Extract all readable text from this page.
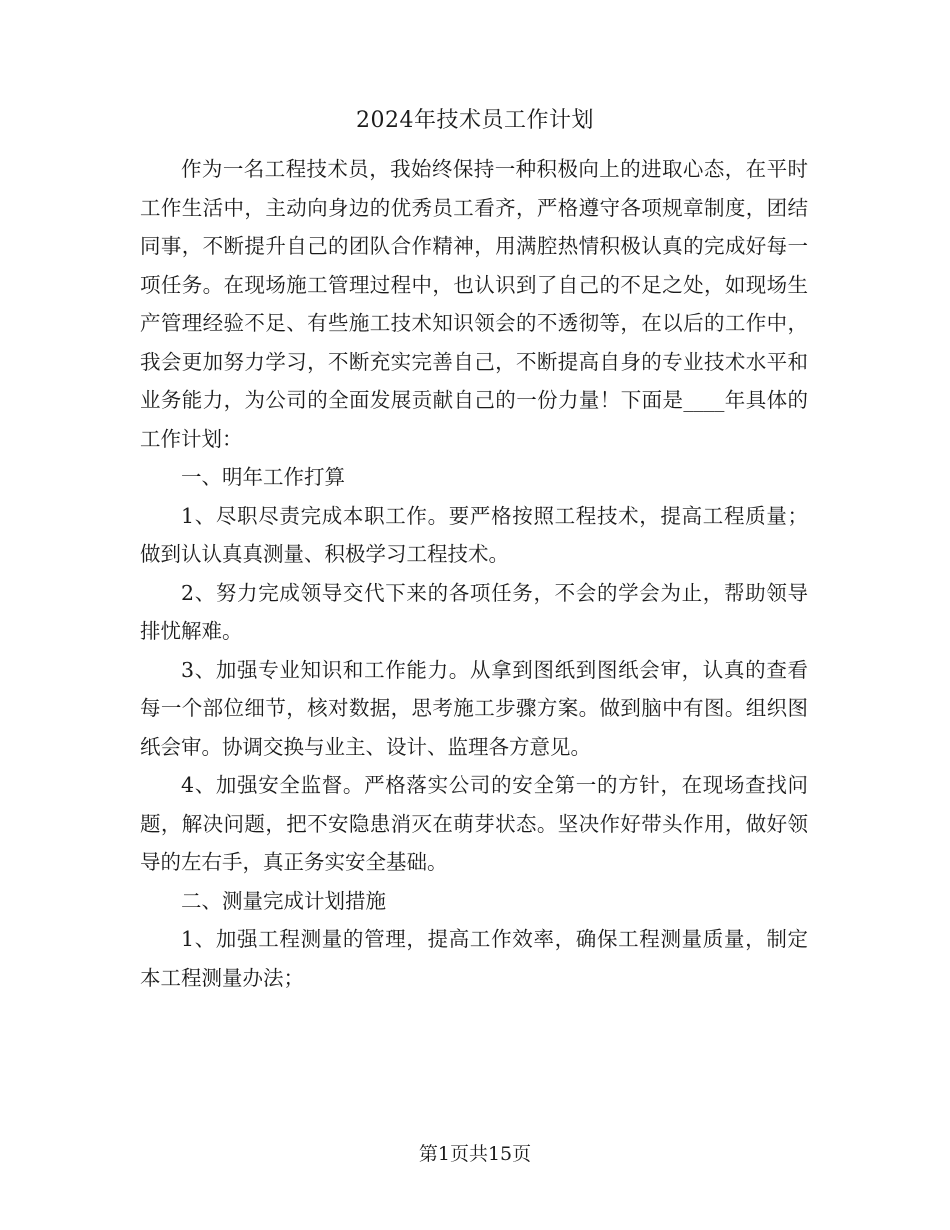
2024年技术员工作计划

作为一名工程技术员，我始终保持一种积极向上的进取心态，在平时工作生活中，主动向身边的优秀员工看齐，严格遵守各项规章制度，团结同事，不断提升自己的团队合作精神，用满腔热情积极认真的完成好每一项任务。在现场施工管理过程中，也认识到了自己的不足之处，如现场生产管理经验不足、有些施工技术知识领会的不透彻等，在以后的工作中，我会更加努力学习，不断充实完善自己，不断提高自身的专业技术水平和业务能力，为公司的全面发展贡献自己的一份力量！下面是____年具体的工作计划：

一、明年工作打算

1、尽职尽责完成本职工作。要严格按照工程技术，提高工程质量；做到认认真真测量、积极学习工程技术。

2、努力完成领导交代下来的各项任务，不会的学会为止，帮助领导排忧解难。

3、加强专业知识和工作能力。从拿到图纸到图纸会审，认真的查看每一个部位细节，核对数据，思考施工步骤方案。做到脑中有图。组织图纸会审。协调交换与业主、设计、监理各方意见。

4、加强安全监督。严格落实公司的安全第一的方针，在现场查找问题，解决问题，把不安隐患消灭在萌芽状态。坚决作好带头作用，做好领导的左右手，真正务实安全基础。

二、测量完成计划措施

1、加强工程测量的管理，提高工作效率，确保工程测量质量，制定本工程测量办法；

第1页共15页
